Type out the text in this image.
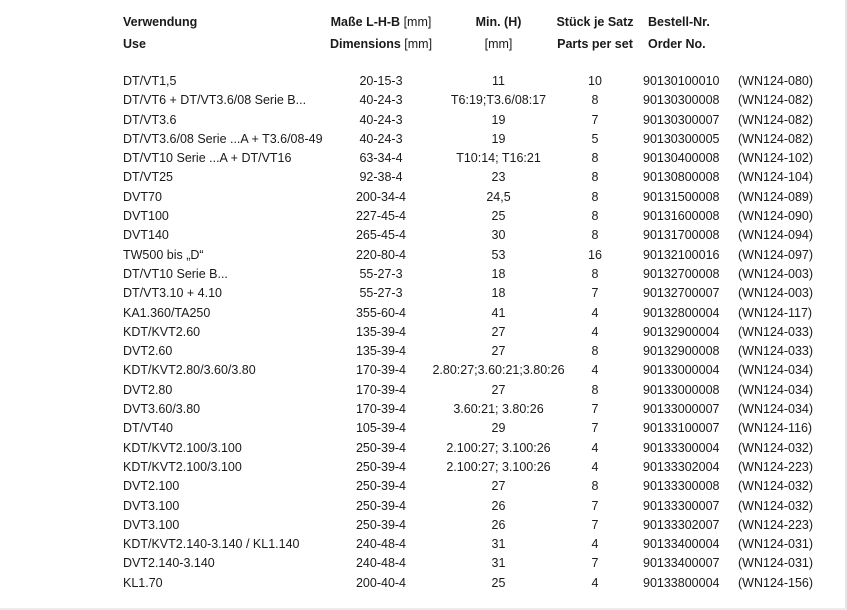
Verwendung	Maße L-H-B [mm]	Min. (H)	Stück je Satz	Bestell-Nr.
Use	Dimensions [mm]	[mm]	Parts per set	Order No.
DT/VT1,5	20-15-3	11	10	90130100010 (WN124-080)
DT/VT6 + DT/VT3.6/08 Serie B...	40-24-3	T6:19;T3.6/08:17	8	90130300008 (WN124-082)
DT/VT3.6	40-24-3	19	7	90130300007 (WN124-082)
DT/VT3.6/08 Serie ...A + T3.6/08-49	40-24-3	19	5	90130300005 (WN124-082)
DT/VT10 Serie ...A + DT/VT16	63-34-4	T10:14; T16:21	8	90130400008 (WN124-102)
DT/VT25	92-38-4	23	8	90130800008 (WN124-104)
DVT70	200-34-4	24,5	8	90131500008 (WN124-089)
DVT100	227-45-4	25	8	90131600008 (WN124-090)
DVT140	265-45-4	30	8	90131700008 (WN124-094)
TW500 bis „D“	220-80-4	53	16	90132100016 (WN124-097)
DT/VT10 Serie B...	55-27-3	18	8	90132700008 (WN124-003)
DT/VT3.10 + 4.10	55-27-3	18	7	90132700007 (WN124-003)
KA1.360/TA250	355-60-4	41	4	90132800004 (WN124-117)
KDT/KVT2.60	135-39-4	27	4	90132900004 (WN124-033)
DVT2.60	135-39-4	27	8	90132900008 (WN124-033)
KDT/KVT2.80/3.60/3.80	170-39-4	2.80:27;3.60:21;3.80:26	4	90133000004 (WN124-034)
DVT2.80	170-39-4	27	8	90133000008 (WN124-034)
DVT3.60/3.80	170-39-4	3.60:21; 3.80:26	7	90133000007 (WN124-034)
DT/VT40	105-39-4	29	7	90133100007 (WN124-116)
KDT/KVT2.100/3.100	250-39-4	2.100:27; 3.100:26	4	90133300004 (WN124-032)
KDT/KVT2.100/3.100	250-39-4	2.100:27; 3.100:26	4	90133302004 (WN124-223)
DVT2.100	250-39-4	27	8	90133300008 (WN124-032)
DVT3.100	250-39-4	26	7	90133300007 (WN124-032)
DVT3.100	250-39-4	26	7	90133302007 (WN124-223)
KDT/KVT2.140-3.140 / KL1.140	240-48-4	31	4	90133400004 (WN124-031)
DVT2.140-3.140	240-48-4	31	7	90133400007 (WN124-031)
KL1.70	200-40-4	25	4	90133800004 (WN124-156)
